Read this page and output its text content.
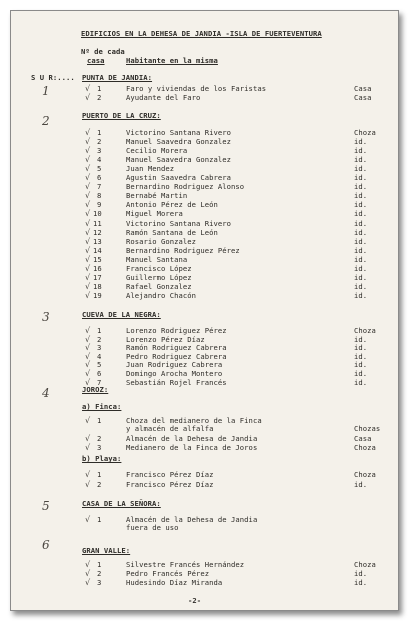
EDIFICIOS EN LA DEHESA DE JANDIA -ISLA DE FUERTEVENTURA
Nº de cada
casa	Habitante en la misma
S U R:.... PUNTA DE JANDIA:
PUERTO DE LA CRUZ:
CUEVA DE LA NEGRA:
JOROZ:
a) Finca:
b) Playa:
CASA DE LA SEÑORA:
GRAN VALLE:
1
2
3
4
5
6
-2-
√ 1	Faro y viviendas de los Faristas	Casa
√ 2	Ayudante del Faro	Casa
√ 1	Victorino Santana Rivero	Choza
√ 2	Manuel Saavedra Gonzalez	id.
√ 3	Cecilio Morera	id.
√ 4	Manuel Saavedra Gonzalez	id.
√ 5	Juan Mendez	id.
√ 6	Agustin Saavedra Cabrera	id.
√ 7	Bernardino Rodriguez Alonso	id.
√ 8	Bernabé Martin	id.
√ 9	Antonio Pérez de León	id.
√ 10	Miguel Morera	id.
√ 11	Victorino Santana Rivero	id.
√ 12	Ramón Santana de León	id.
√ 13	Rosario Gonzalez	id.
√ 14	Bernardino Rodriguez Pérez	id.
√ 15	Manuel Santana	id.
√ 16	Francisco López	id.
√ 17	Guillermo López	id.
√ 18	Rafael Gonzalez	id.
√ 19	Alejandro Chacón	id.
√ 1	Lorenzo Rodriguez Pérez	Choza
√ 2	Lorenzo Pérez Díaz	id.
√ 3	Ramón Rodriguez Cabrera	id.
√ 4	Pedro Rodriguez Cabrera	id.
√ 5	Juan Rodriguez Cabrera	id.
√ 6	Domingo Arocha Montero	id.
√ 7	Sebastián Rojel Francés	id.
√ 1	Choza del medianero de la Finca
y almacén de alfalfa	Chozas
√ 2	Almacén de la Dehesa de Jandia	Casa
√ 3	Medianero de la Finca de Joros	Choza
√ 1	Francisco Pérez Díaz	Choza
√ 2	Francisco Pérez Díaz	id.
√ 1	Almacén de la Dehesa de Jandia
fuera de uso
√ 1	Silvestre Francés Hernández	Choza
√ 2	Pedro Francés Pérez	id.
√ 3	Hudesindo Díaz Miranda	id.
